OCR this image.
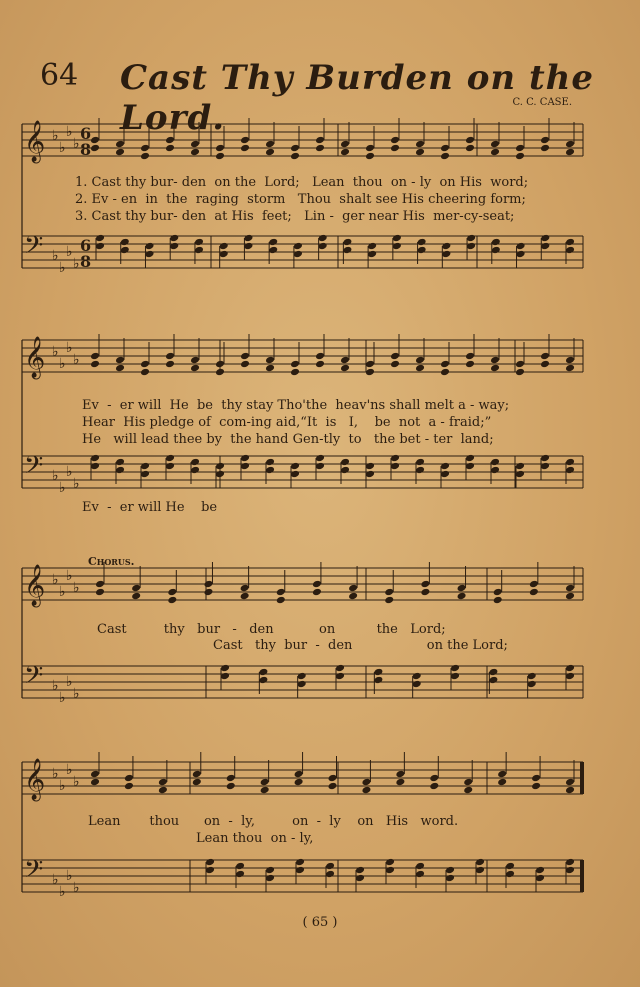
64 Cast Thy Burden on the Lord.	C. C. CASE.
𝄞
𝄢
♭
♭
♭
♭
♭
♭
♭
♭
𝄞
𝄢
♭
♭
♭
♭
♭
♭
♭
♭
𝄞
𝄢
♭
♭
♭
♭
♭
♭
♭
♭
𝄞
𝄢
♭
♭
♭
♭
♭
♭
♭
♭
6
8
6
8
1. Cast thy bur- den  on the  Lord;   Lean  thou  on - ly  on His  word;
2. Ev - en  in  the  raging  storm   Thou  shalt see His cheering form;
3. Cast thy bur- den  at His  feet;   Lin -  ger near His  mer-cy-seat;
Ev  -  er will  He  be  thy stay Tho'the  heav'ns shall melt a - way;
Hear  His pledge of  com-ing aid,“It  is   I,    be  not  a - fraid;”
He   will lead thee by  the hand Gen-tly  to   the bet - ter  land;
Ev  -  er will He    be
Chorus.
Cast         thy   bur   -   den           on          the   Lord;
Cast   thy  bur  -  den                  on the Lord;
Lean       thou      on  -  ly,         on  -  ly    on   His   word.
Lean thou  on - ly,
( 65 )
